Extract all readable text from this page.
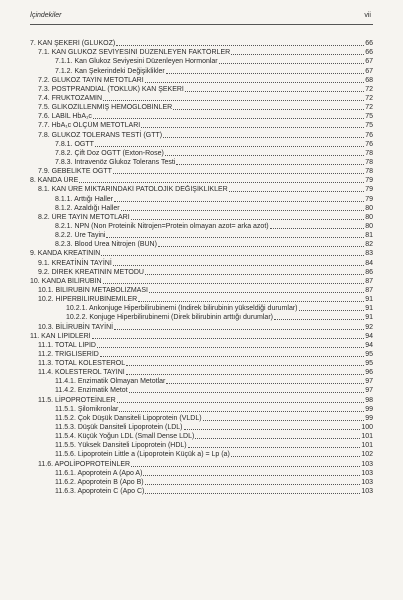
İçindekiler	vii
7. KAN ŞEKERİ (GLUKOZ)	66
7.1. KAN GLUKOZ SEVİYESİNİ DÜZENLEYEN FAKTÖRLER	66
7.1.1. Kan Glukoz Seviyesini Düzenleyen Hormonlar	67
7.1.2. Kan Şekerindeki Değişiklikler	67
7.2. GLUKOZ TAYİN METOTLARI	68
7.3. POSTPRANDİAL (TOKLUK) KAN ŞEKERİ	72
7.4. FRUKTOZAMİN	72
7.5. GLİKOZİLLENMİŞ HEMOGLOBİNLER	72
7.6. LABİL HbA₁c	75
7.7. HbA₁c ÖLÇÜM METOTLARI	75
7.8. GLUKOZ TOLERANS TESTİ (GTT)	76
7.8.1. OGTT	76
7.8.2. Çift Doz OGTT (Exton-Rose)	78
7.8.3. İntravenöz Glukoz Tolerans Testi	78
7.9. GEBELİKTE OGTT	78
8. KANDA ÜRE	79
8.1. KAN ÜRE MİKTARINDAKİ PATOLOJİK DEĞİŞİKLİKLER	79
8.1.1. Arttığı Haller	79
8.1.2. Azaldığı Haller	80
8.2. ÜRE TAYİN METOTLARI	80
8.2.1. NPN (Non Proteinik Nitrojen=Protein olmayan azot= arka azot)	80
8.2.2. Üre Tayini	81
8.2.3. Blood Urea Nitrojen (BUN)	82
9. KANDA KREATİNİN	83
9.1. KREATİNİN TAYİNİ	84
9.2. DİREK KREATİNİN METODU	86
10. KANDA BİLİRUBİN	87
10.1. BİLİRUBİN METABOLİZMASI	87
10.2. HİPERBİLİRUBİNEMİLER	91
10.2.1. Ankonjuge Hiperbilirubinemi (İndirek bilirubinin yükseldiği durumlar)	91
10.2.2. Konjuge Hiperbilirubinemi (Direk bilirubinin arttığı durumlar)	91
10.3. BİLİRUBİN TAYİNİ	92
11. KAN LİPİDLERİ	94
11.1. TOTAL LİPİD	94
11.2. TRİGLİSERİD	95
11.3. TOTAL KOLESTEROL	95
11.4. KOLESTEROL TAYİNİ	96
11.4.1. Enzimatik Olmayan Metotlar	97
11.4.2. Enzimatik Metot	97
11.5. LİPOPROTEİNLER	98
11.5.1. Şilomikronlar	99
11.5.2. Çok Düşük Dansiteli Lipoprotein (VLDL)	99
11.5.3. Düşük Dansiteli Lipoprotein (LDL)	100
11.5.4. Küçük Yoğun LDL (Small Dense LDL)	101
11.5.5. Yüksek Dansiteli Lipoprotein (HDL)	101
11.5.6. Lipoprotein Little a (Lipoprotein Küçük a) = Lp (a)	102
11.6. APOLİPOPROTEİNLER	103
11.6.1. Apoprotein A (Apo A)	103
11.6.2. Apoprotein B (Apo B)	103
11.6.3. Apoprotein C (Apo C)	103
